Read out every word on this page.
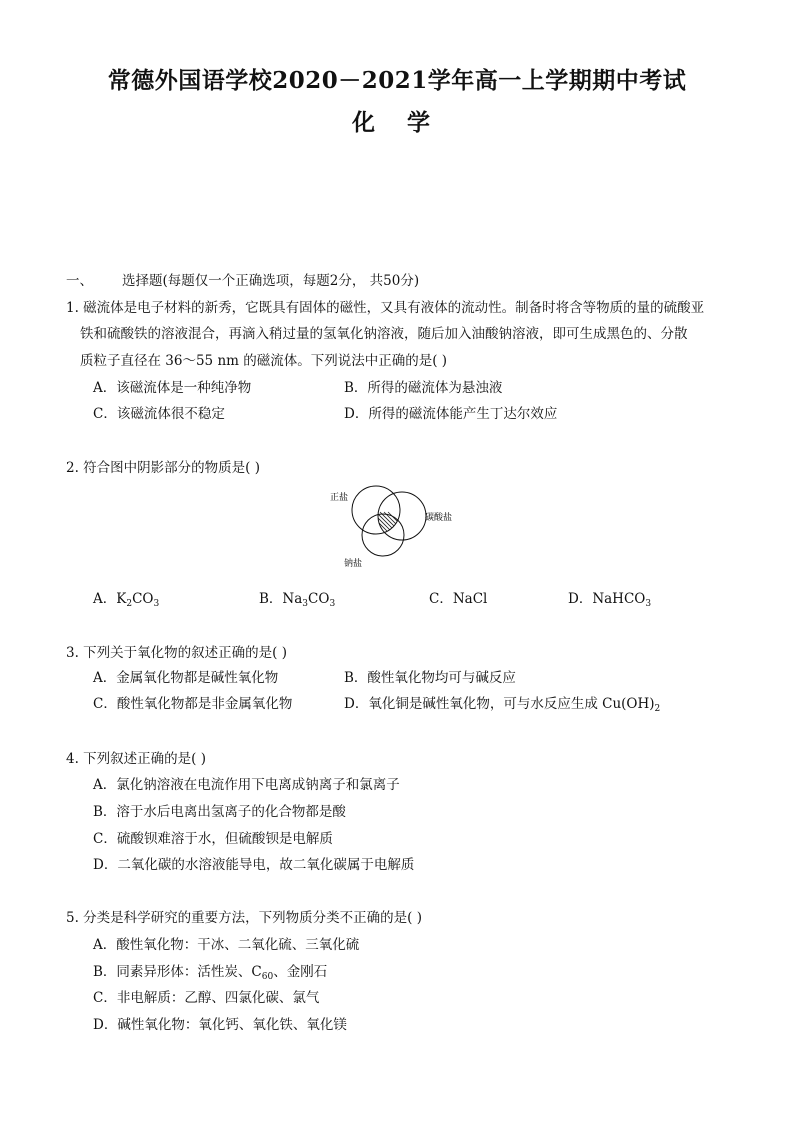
常德外国语学校2020－2021学年高一上学期期中考试
化 学
一、 选择题(每题仅一个正确选项，每题2分， 共50分)
1. 磁流体是电子材料的新秀，它既具有固体的磁性，又具有液体的流动性。制备时将含等物质的量的硫酸亚
铁和硫酸铁的溶液混合，再滴入稍过量的氢氧化钠溶液，随后加入油酸钠溶液，即可生成黑色的、分散
质粒子直径在 36～55 nm 的磁流体。下列说法中正确的是( )
A．该磁流体是一种纯净物	B．所得的磁流体为悬浊液
C．该磁流体很不稳定	D．所得的磁流体能产生丁达尔效应
2. 符合图中阴影部分的物质是( )
正盐
碳酸盐
钠盐
A．$K_2CO_3$	B．$Na_3CO_3$	C．NaCl	D．NaHCO$_3$
3. 下列关于氧化物的叙述正确的是( )
A．金属氧化物都是碱性氧化物	B．酸性氧化物均可与碱反应
C．酸性氧化物都是非金属氧化物	D．氧化铜是碱性氧化物，可与水反应生成 $Cu(OH)_2$
4. 下列叙述正确的是( )
A．氯化钠溶液在电流作用下电离成钠离子和氯离子
B．溶于水后电离出氢离子的化合物都是酸
C．硫酸钡难溶于水，但硫酸钡是电解质
D．二氧化碳的水溶液能导电，故二氧化碳属于电解质
5. 分类是科学研究的重要方法，下列物质分类不正确的是( )
A．酸性氧化物：干冰、二氧化硫、三氧化硫
B．同素异形体：活性炭、$C_{60}$、金刚石
C．非电解质：乙醇、四氯化碳、氯气
D．碱性氧化物：氧化钙、氧化铁、氧化镁
